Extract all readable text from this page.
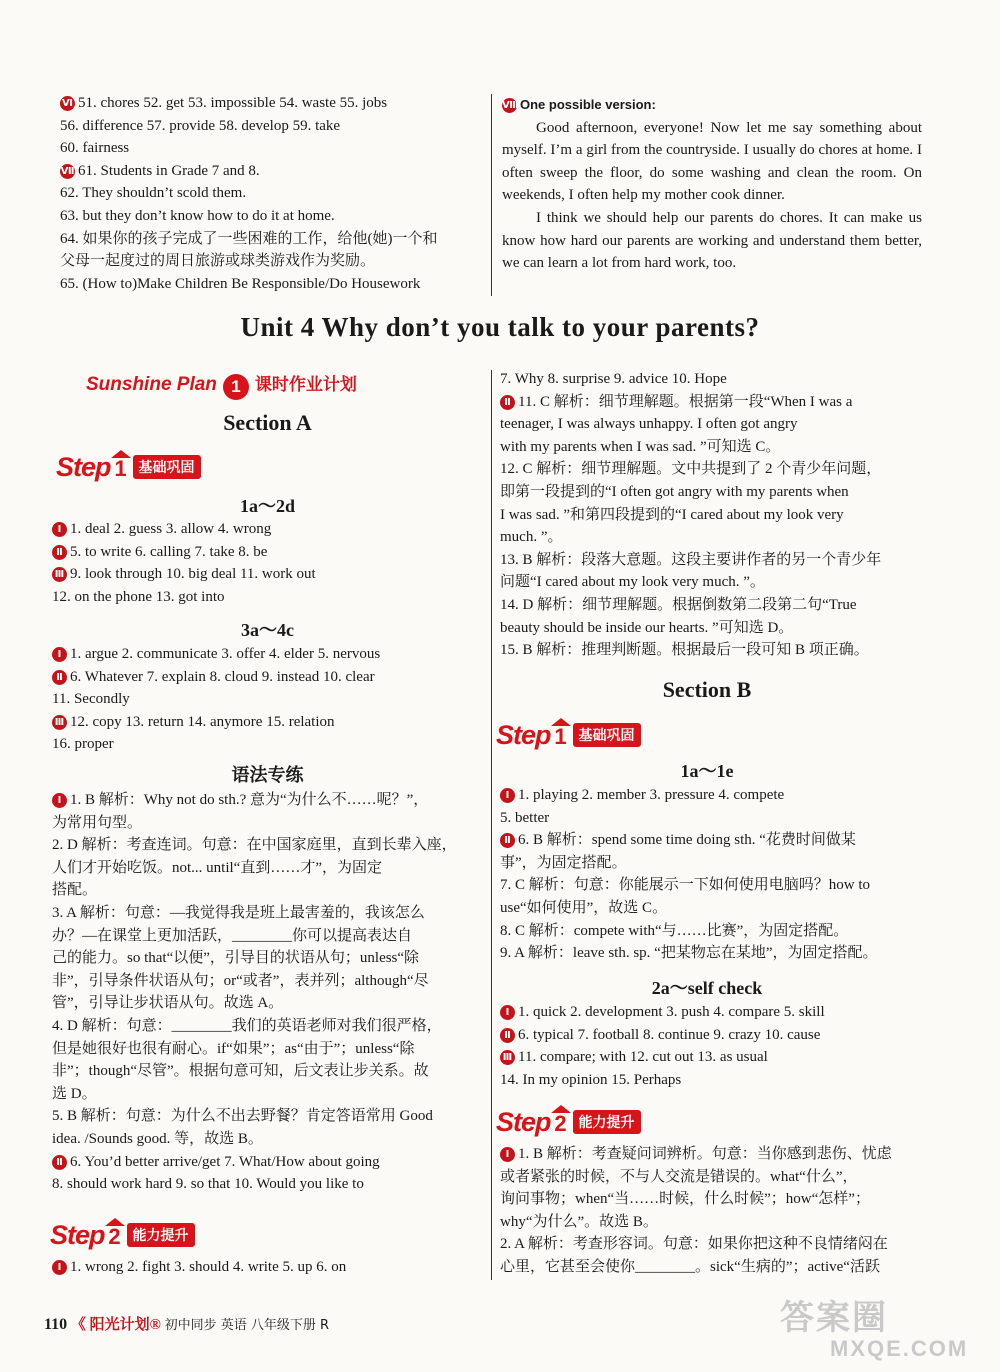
Ⅵ 51. chores 52. get 53. impossible 54. waste 55. jobs
56. difference 57. provide 58. develop 59. take
60. fairness
Ⅶ 61. Students in Grade 7 and 8.
62. They shouldn’t scold them.
63. but they don’t know how to do it at home.
64. 如果你的孩子完成了一些困难的工作，给他(她)一个和
父母一起度过的周日旅游或球类游戏作为奖励。
65. (How to)Make Children Be Responsible/Do Housework
ⅧOne possible version:
Good afternoon, everyone! Now let me say something about myself. I’m a girl from the countryside. I usually do chores at home. I often sweep the floor, do some washing and clean the room. On weekends, I often help my mother cook dinner.
I think we should help our parents do chores. It can make us know how hard our parents are working and understand them better, we can learn a lot from hard work, too.
Unit 4 Why don’t you talk to your parents?
Sunshine Plan 1 课时作业计划
Section A
Step 1 基础巩固
1a～2d
Ⅰ 1. deal 2. guess 3. allow 4. wrong
Ⅱ 5. to write 6. calling 7. take 8. be
Ⅲ 9. look through 10. big deal 11. work out
12. on the phone 13. got into
3a～4c
Ⅰ 1. argue 2. communicate 3. offer 4. elder 5. nervous
Ⅱ 6. Whatever 7. explain 8. cloud 9. instead 10. clear
11. Secondly
Ⅲ 12. copy 13. return 14. anymore 15. relation
16. proper
语法专练
Ⅰ 1. B 解析：Why not do sth.? 意为“为什么不……呢？”，
为常用句型。
2. D 解析：考查连词。句意：在中国家庭里，直到长辈入座，
人们才开始吃饭。not... until“直到……才”，为固定
搭配。
3. A 解析：句意：—我觉得我是班上最害羞的，我该怎么
办？—在课堂上更加活跃，________你可以提高表达自
己的能力。so that“以便”，引导目的状语从句；unless“除
非”，引导条件状语从句；or“或者”，表并列；although“尽
管”，引导让步状语从句。故选 A。
4. D 解析：句意：________我们的英语老师对我们很严格，
但是她很好也很有耐心。if“如果”；as“由于”；unless“除
非”；though“尽管”。根据句意可知，后文表让步关系。故
选 D。
5. B 解析：句意：为什么不出去野餐？肯定答语常用 Good
idea. /Sounds good. 等，故选 B。
Ⅱ 6. You’d better arrive/get 7. What/How about going
8. should work hard 9. so that 10. Would you like to
Step 2 能力提升
Ⅰ 1. wrong 2. fight 3. should 4. write 5. up 6. on
7. Why 8. surprise 9. advice 10. Hope
Ⅱ 11. C 解析：细节理解题。根据第一段“When I was a
teenager, I was always unhappy. I often got angry
with my parents when I was sad. ”可知选 C。
12. C 解析：细节理解题。文中共提到了 2 个青少年问题，
即第一段提到的“I often got angry with my parents when
I was sad. ”和第四段提到的“I cared about my look very
much. ”。
13. B 解析：段落大意题。这段主要讲作者的另一个青少年
问题“I cared about my look very much. ”。
14. D 解析：细节理解题。根据倒数第二段第二句“True
beauty should be inside our hearts. ”可知选 D。
15. B 解析：推理判断题。根据最后一段可知 B 项正确。
Section B
Step 1 基础巩固
1a～1e
Ⅰ 1. playing 2. member 3. pressure 4. compete
5. better
Ⅱ 6. B 解析：spend some time doing sth. “花费时间做某
事”，为固定搭配。
7. C 解析：句意：你能展示一下如何使用电脑吗？how to
use“如何使用”，故选 C。
8. C 解析：compete with“与……比赛”，为固定搭配。
9. A 解析：leave sth. sp. “把某物忘在某地”，为固定搭配。
2a～self check
Ⅰ 1. quick 2. development 3. push 4. compare 5. skill
Ⅱ 6. typical 7. football 8. continue 9. crazy 10. cause
Ⅲ 11. compare; with 12. cut out 13. as usual
14. In my opinion 15. Perhaps
Step 2 能力提升
Ⅰ 1. B 解析：考查疑问词辨析。句意：当你感到悲伤、忧虑
或者紧张的时候，不与人交流是错误的。what“什么”，
询问事物；when“当……时候，什么时候”；how“怎样”；
why“为什么”。故选 B。
2. A 解析：考查形容词。句意：如果你把这种不良情绪闷在
心里，它甚至会使你________。sick“生病的”；active“活跃
110 《 阳光计划® 初中同步 英语 八年级下册 R	答案圈
MXQE.COM
